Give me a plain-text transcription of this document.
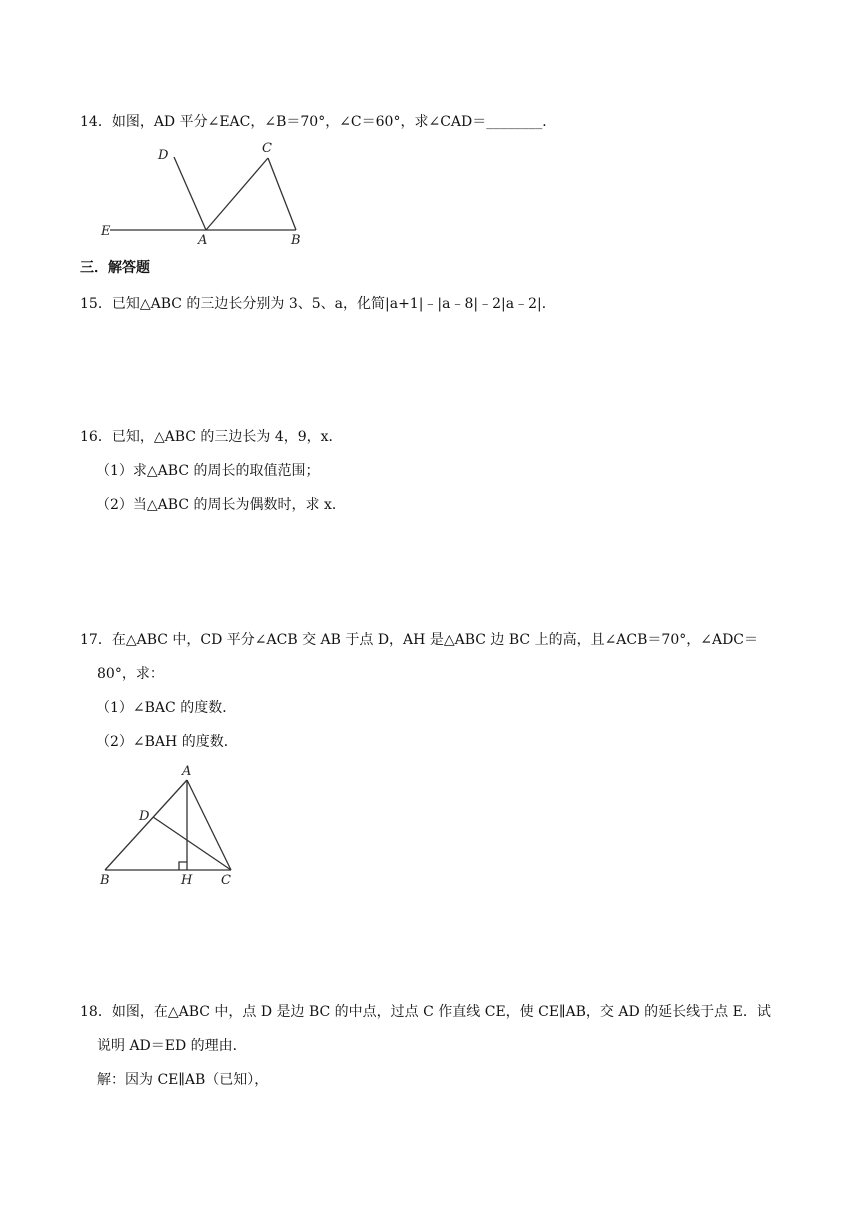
14．如图，AD 平分∠EAC，∠B＝70°，∠C＝60°，求∠CAD＝________．
D	C
E
A	B
三．解答题
15．已知△ABC 的三边长分别为 3、5、a，化简|a+1|﹣|a﹣8|﹣2|a﹣2|．
16．已知，△ABC 的三边长为 4，9，x．
（1）求△ABC 的周长的取值范围；
（2）当△ABC 的周长为偶数时，求 x．
17．在△ABC 中，CD 平分∠ACB 交 AB 于点 D，AH 是△ABC 边 BC 上的高，且∠ACB＝70°，∠ADC＝
80°，求：
（1）∠BAC 的度数．
（2）∠BAH 的度数．
A
D
B	H C
18．如图，在△ABC 中，点 D 是边 BC 的中点，过点 C 作直线 CE，使 CE∥AB，交 AD 的延长线于点 E．试
说明 AD＝ED 的理由．
解：因为 CE∥AB（已知），
